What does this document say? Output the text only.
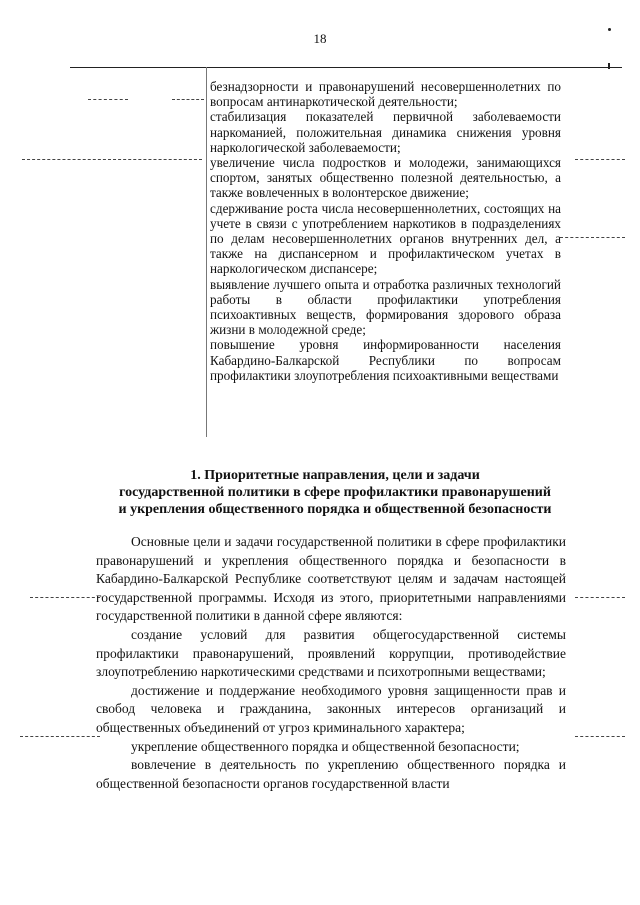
18

безнадзорности и правонарушений несовершеннолетних по вопросам антинаркотической деятельности;

стабилизация показателей первичной заболеваемости наркоманией, положительная динамика снижения уровня наркологической заболеваемости;

увеличение числа подростков и молодежи, занимающихся спортом, занятых общественно полезной деятельностью, а также вовлеченных в волонтерское движение;

сдерживание роста числа несовершеннолетних, состоящих на учете в связи с употреблением наркотиков в подразделениях по делам несовершеннолетних органов внутренних дел, а также на диспансерном и профилактическом учетах в наркологическом диспансере;

выявление лучшего опыта и отработка различных технологий работы в области профилактики употребления психоактивных веществ, формирования здорового образа жизни в молодежной среде;

повышение уровня информированности населения Кабардино-Балкарской Республики по вопросам профилактики злоупотребления психоактивными веществами

1. Приоритетные направления, цели и задачи
государственной политики в сфере профилактики правонарушений
и укрепления общественного порядка и общественной безопасности

Основные цели и задачи государственной политики в сфере профилактики правонарушений и укрепления общественного порядка и безопасности в Кабардино-Балкарской Республике соответствуют целям и задачам настоящей государственной программы. Исходя из этого, приоритетными направлениями государственной политики в данной сфере являются:

создание условий для развития общегосударственной системы профилактики правонарушений, проявлений коррупции, противодействие злоупотреблению наркотическими средствами и психотропными веществами;

достижение и поддержание необходимого уровня защищенности прав и свобод человека и гражданина, законных интересов организаций и общественных объединений от угроз криминального характера;

укрепление общественного порядка и общественной безопасности;

вовлечение в деятельность по укреплению общественного порядка и общественной безопасности органов государственной власти
